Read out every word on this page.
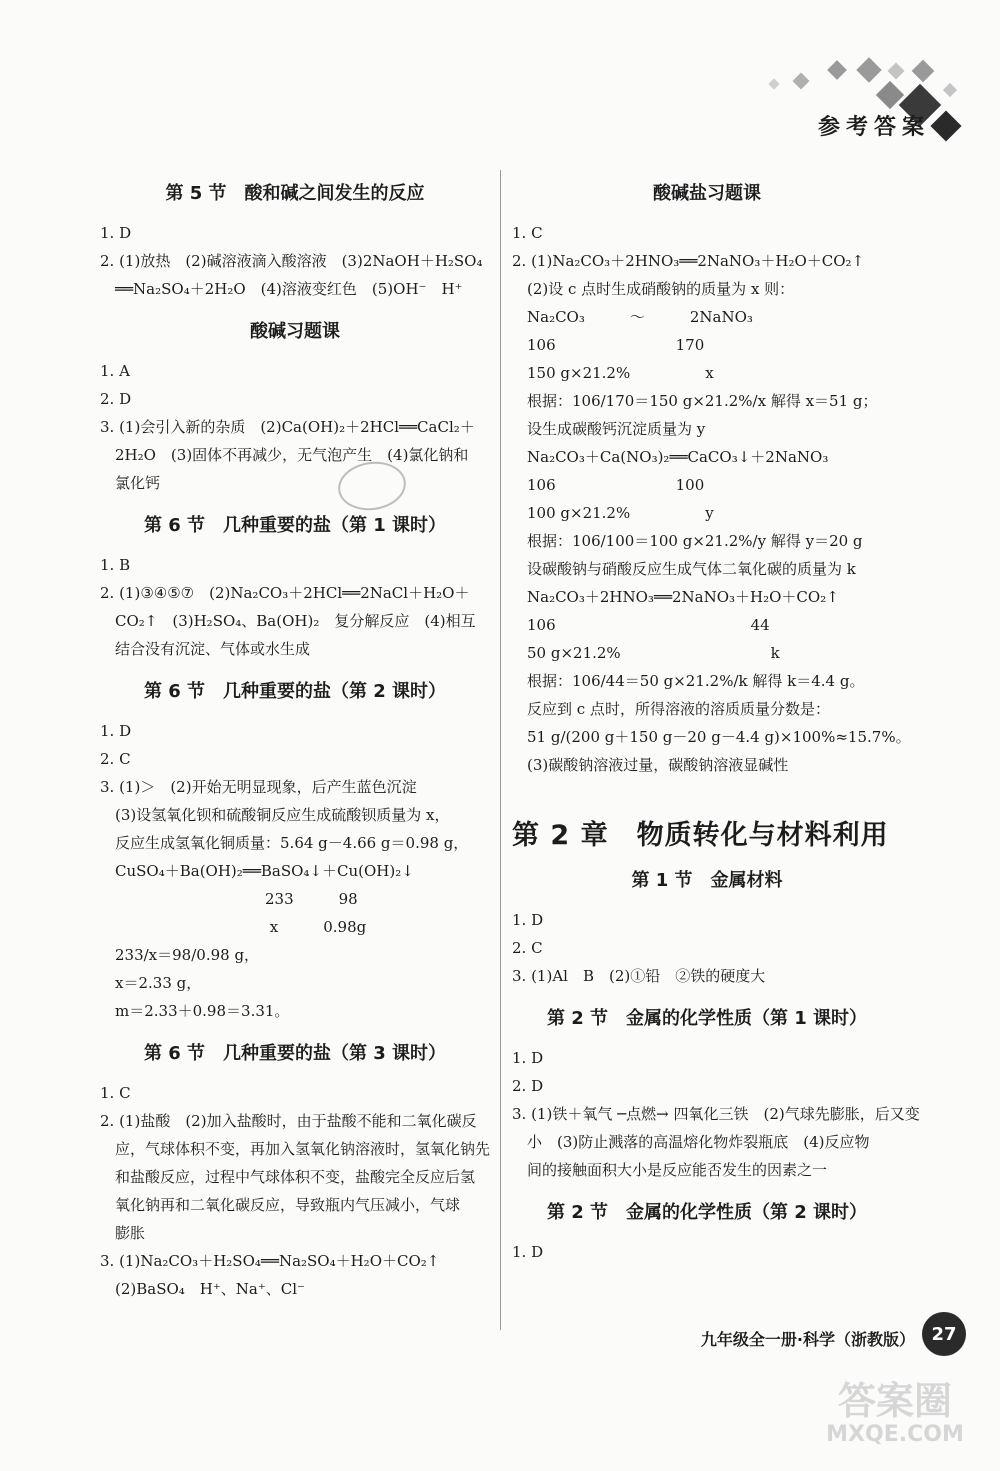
参考答案
第 5 节　酸和碱之间发生的反应
1. D
2. (1)放热　(2)碱溶液滴入酸溶液　(3)2NaOH＋H₂SO₄
　══Na₂SO₄＋2H₂O　(4)溶液变红色　(5)OH⁻　H⁺
酸碱习题课
1. A
2. D
3. (1)会引入新的杂质　(2)Ca(OH)₂＋2HCl══CaCl₂＋
　2H₂O　(3)固体不再减少，无气泡产生　(4)氯化钠和
　氯化钙
第 6 节　几种重要的盐（第 1 课时）
1. B
2. (1)③④⑤⑦　(2)Na₂CO₃＋2HCl══2NaCl＋H₂O＋
　CO₂↑　(3)H₂SO₄、Ba(OH)₂　复分解反应　(4)相互
　结合没有沉淀、气体或水生成
第 6 节　几种重要的盐（第 2 课时）
1. D
2. C
3. (1)＞　(2)开始无明显现象，后产生蓝色沉淀
　(3)设氢氧化钡和硫酸铜反应生成硫酸钡质量为 x，
　反应生成氢氧化铜质量：5.64 g－4.66 g＝0.98 g，
　CuSO₄＋Ba(OH)₂══BaSO₄↓＋Cu(OH)₂↓
　　　　　　　　　　　233　　　98
　　　　　　　　　　　 x　　　0.98g
　233/x＝98/0.98 g，
　x＝2.33 g，
　m＝2.33＋0.98＝3.31。
第 6 节　几种重要的盐（第 3 课时）
1. C
2. (1)盐酸　(2)加入盐酸时，由于盐酸不能和二氧化碳反
　应，气球体积不变，再加入氢氧化钠溶液时，氢氧化钠先
　和盐酸反应，过程中气球体积不变，盐酸完全反应后氢
　氧化钠再和二氧化碳反应，导致瓶内气压减小，气球
　膨胀
3. (1)Na₂CO₃＋H₂SO₄══Na₂SO₄＋H₂O＋CO₂↑
　(2)BaSO₄　H⁺、Na⁺、Cl⁻
酸碱盐习题课
1. C
2. (1)Na₂CO₃＋2HNO₃══2NaNO₃＋H₂O＋CO₂↑
　(2)设 c 点时生成硝酸钠的质量为 x 则：
　Na₂CO₃　　　～　　　2NaNO₃
　106　　　　　　　　170
　150 g×21.2%　　　　　x
　根据：106/170＝150 g×21.2%/x 解得 x＝51 g；
　设生成碳酸钙沉淀质量为 y
　Na₂CO₃＋Ca(NO₃)₂══CaCO₃↓＋2NaNO₃
　106　　　　　　　　100
　100 g×21.2%　　　　　y
　根据：106/100＝100 g×21.2%/y 解得 y＝20 g
　设碳酸钠与硝酸反应生成气体二氧化碳的质量为 k
　Na₂CO₃＋2HNO₃══2NaNO₃＋H₂O＋CO₂↑
　106　　　　　　　　　　　　　44
　50 g×21.2%　　　　　　　　　　k
　根据：106/44＝50 g×21.2%/k 解得 k＝4.4 g。
　反应到 c 点时，所得溶液的溶质质量分数是：
　51 g/(200 g＋150 g－20 g－4.4 g)×100%≈15.7%。
　(3)碳酸钠溶液过量，碳酸钠溶液显碱性
第 2 章　物质转化与材料利用
第 1 节　金属材料
1. D
2. C
3. (1)Al　B　(2)①铅　②铁的硬度大
第 2 节　金属的化学性质（第 1 课时）
1. D
2. D
3. (1)铁＋氧气 ─点燃→ 四氧化三铁　(2)气球先膨胀，后又变
　小　(3)防止溅落的高温熔化物炸裂瓶底　(4)反应物
　间的接触面积大小是反应能否发生的因素之一
第 2 节　金属的化学性质（第 2 课时）
1. D
九年级全一册·科学（浙教版） 27
答案圈
MXQE.COM
